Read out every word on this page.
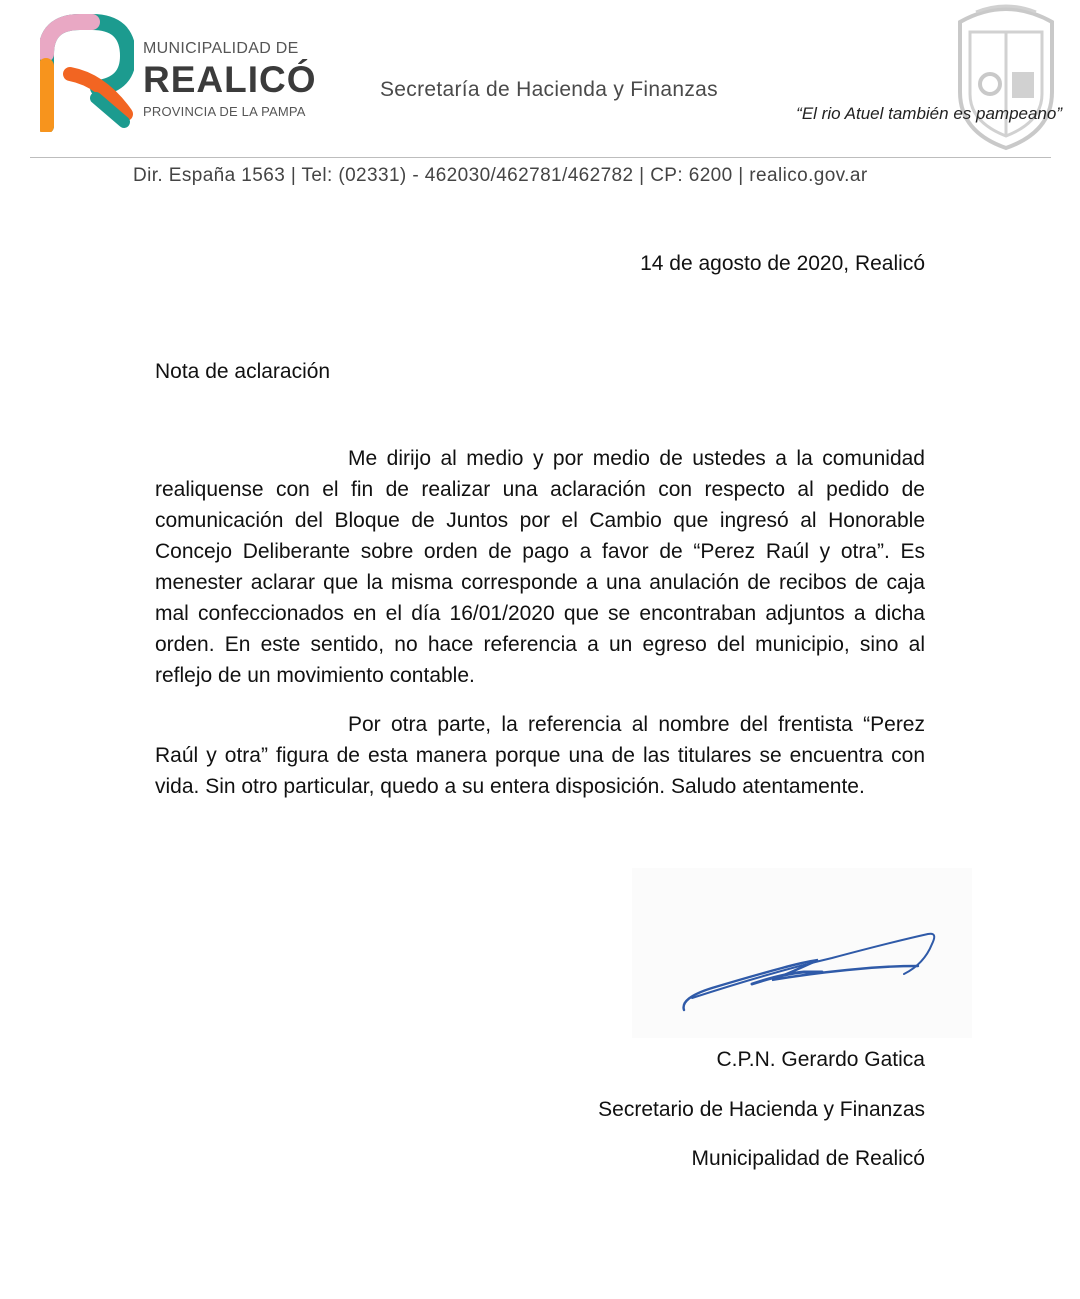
MUNICIPALIDAD DE
REALICÓ
PROVINCIA DE LA PAMPA
Secretaría de Hacienda y Finanzas
“El rio Atuel también es pampeano”
Dir. España 1563 | Tel: (02331) - 462030/462781/462782 | CP: 6200 | realico.gov.ar
14 de agosto de 2020, Realicó
Nota de aclaración

Me dirijo al medio y por medio de ustedes a la comunidad realiquense con el fin de realizar una aclaración con respecto al pedido de comunicación del Bloque de Juntos por el Cambio que ingresó al Honorable Concejo Deliberante sobre orden de pago a favor de “Perez Raúl y otra”. Es menester aclarar que la misma corresponde a una anulación de recibos de caja mal confeccionados en el día 16/01/2020 que se encontraban adjuntos a dicha orden. En este sentido, no hace referencia a un egreso del municipio, sino al reflejo de un movimiento contable.

Por otra parte, la referencia al nombre del frentista “Perez Raúl y otra” figura de esta manera porque una de las titulares se encuentra con vida. Sin otro particular, quedo a su entera disposición. Saludo atentamente.

C.P.N. Gerardo Gatica
Secretario de Hacienda y Finanzas
Municipalidad de Realicó
